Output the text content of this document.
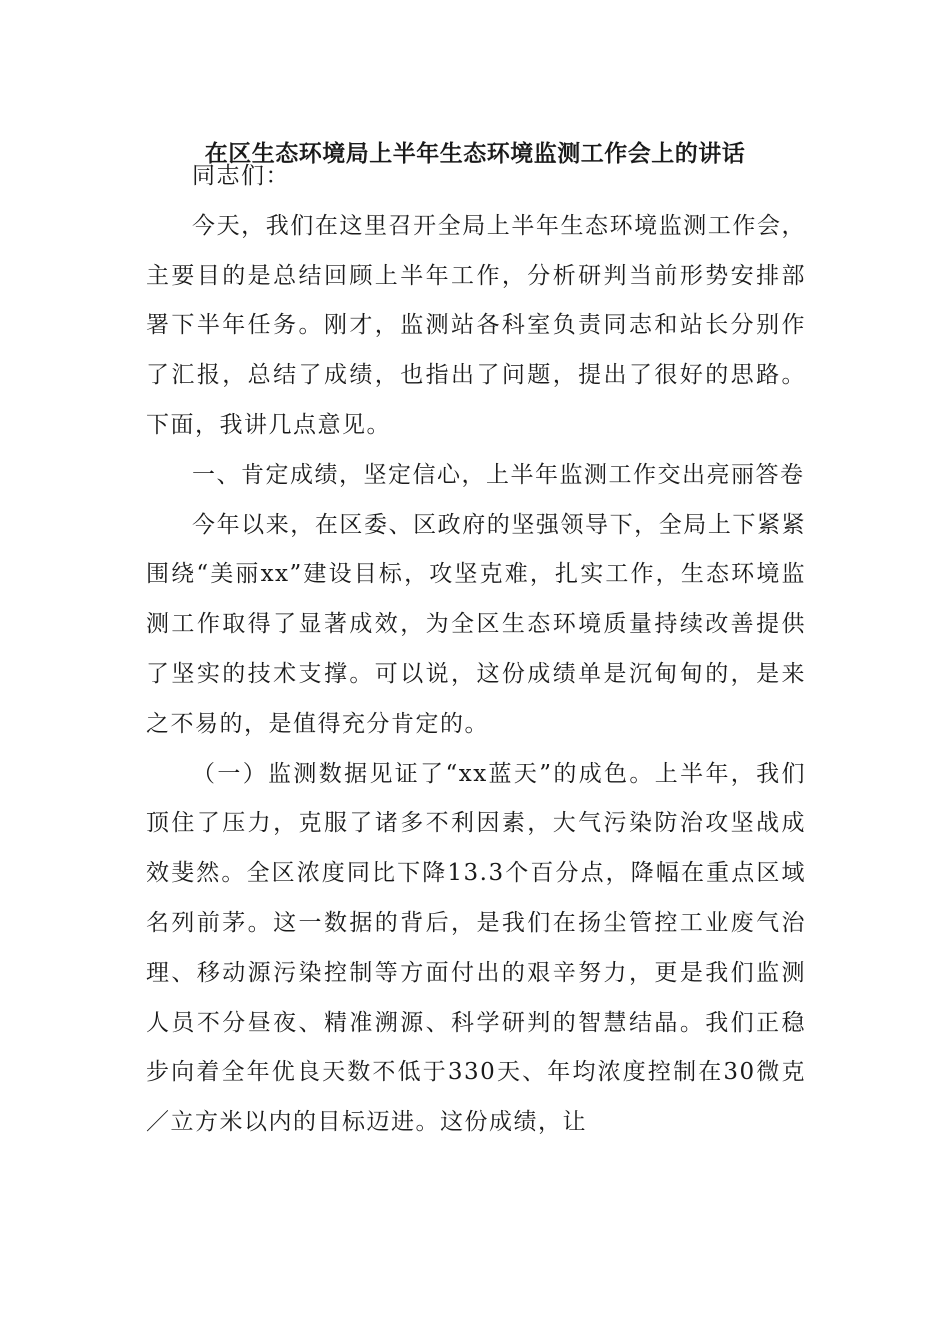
在区生态环境局上半年生态环境监测工作会上的讲话

同志们：

今天，我们在这里召开全局上半年生态环境监测工作会，主要目的是总结回顾上半年工作，分析研判当前形势安排部署下半年任务。刚才，监测站各科室负责同志和站长分别作了汇报，总结了成绩，也指出了问题，提出了很好的思路。下面，我讲几点意见。

一、肯定成绩，坚定信心，上半年监测工作交出亮丽答卷

今年以来，在区委、区政府的坚强领导下，全局上下紧紧围绕“美丽xx”建设目标，攻坚克难，扎实工作，生态环境监测工作取得了显著成效，为全区生态环境质量持续改善提供了坚实的技术支撑。可以说，这份成绩单是沉甸甸的，是来之不易的，是值得充分肯定的。

（一）监测数据见证了“xx蓝天”的成色。上半年，我们顶住了压力，克服了诸多不利因素，大气污染防治攻坚战成效斐然。全区浓度同比下降13.3个百分点，降幅在重点区域名列前茅。这一数据的背后，是我们在扬尘管控工业废气治理、移动源污染控制等方面付出的艰辛努力，更是我们监测人员不分昼夜、精准溯源、科学研判的智慧结晶。我们正稳步向着全年优良天数不低于330天、年均浓度控制在30微克／立方米以内的目标迈进。这份成绩，让
